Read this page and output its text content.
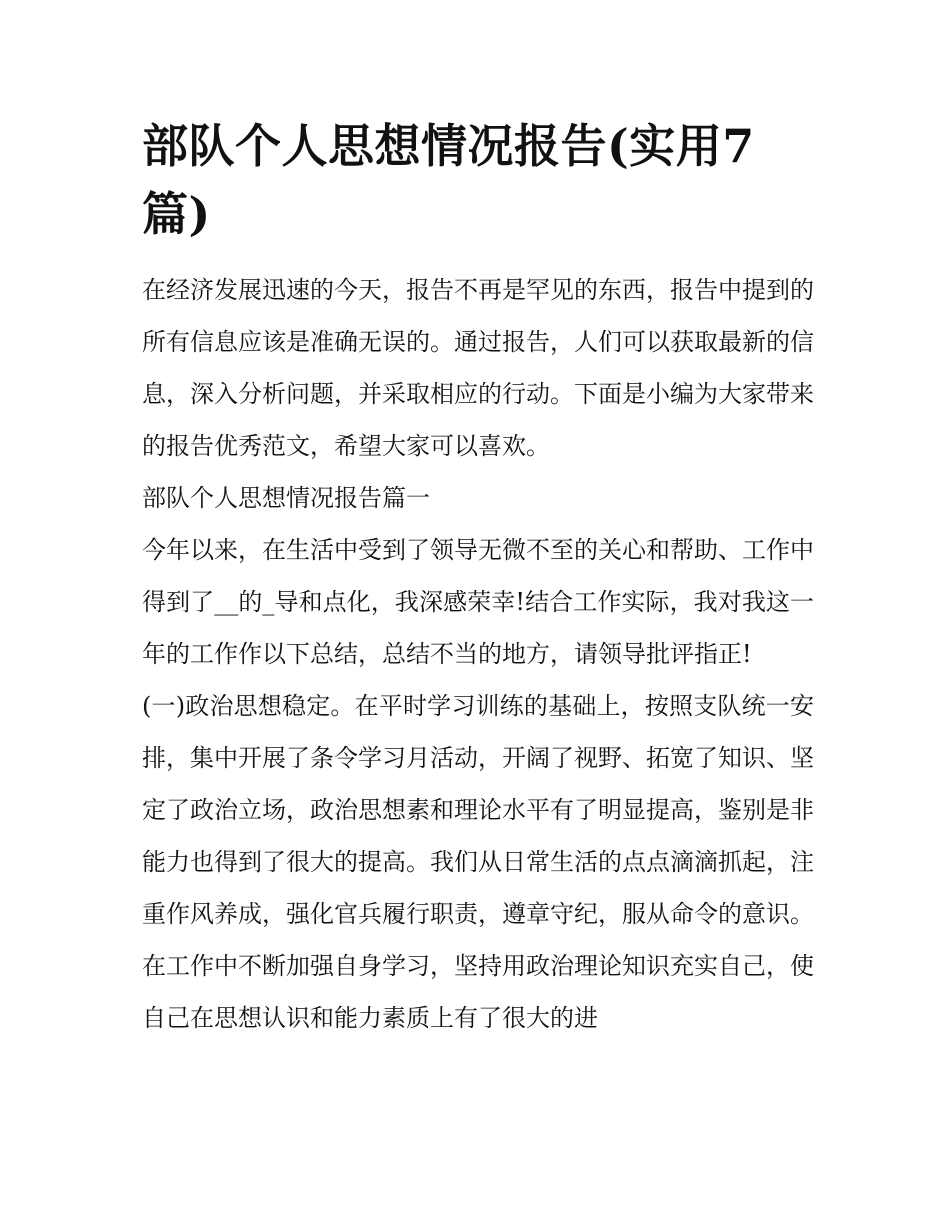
部队个人思想情况报告(实用7篇)

在经济发展迅速的今天，报告不再是罕见的东西，报告中提到的所有信息应该是准确无误的。通过报告，人们可以获取最新的信息，深入分析问题，并采取相应的行动。下面是小编为大家带来的报告优秀范文，希望大家可以喜欢。

部队个人思想情况报告篇一

今年以来，在生活中受到了领导无微不至的关心和帮助、工作中得到了__的_导和点化，我深感荣幸!结合工作实际，我对我这一年的工作作以下总结，总结不当的地方，请领导批评指正!

(一)政治思想稳定。在平时学习训练的基础上，按照支队统一安排，集中开展了条令学习月活动，开阔了视野、拓宽了知识、坚定了政治立场，政治思想素和理论水平有了明显提高，鉴别是非能力也得到了很大的提高。我们从日常生活的点点滴滴抓起，注重作风养成，强化官兵履行职责，遵章守纪，服从命令的意识。在工作中不断加强自身学习，坚持用政治理论知识充实自己，使自己在思想认识和能力素质上有了很大的进
